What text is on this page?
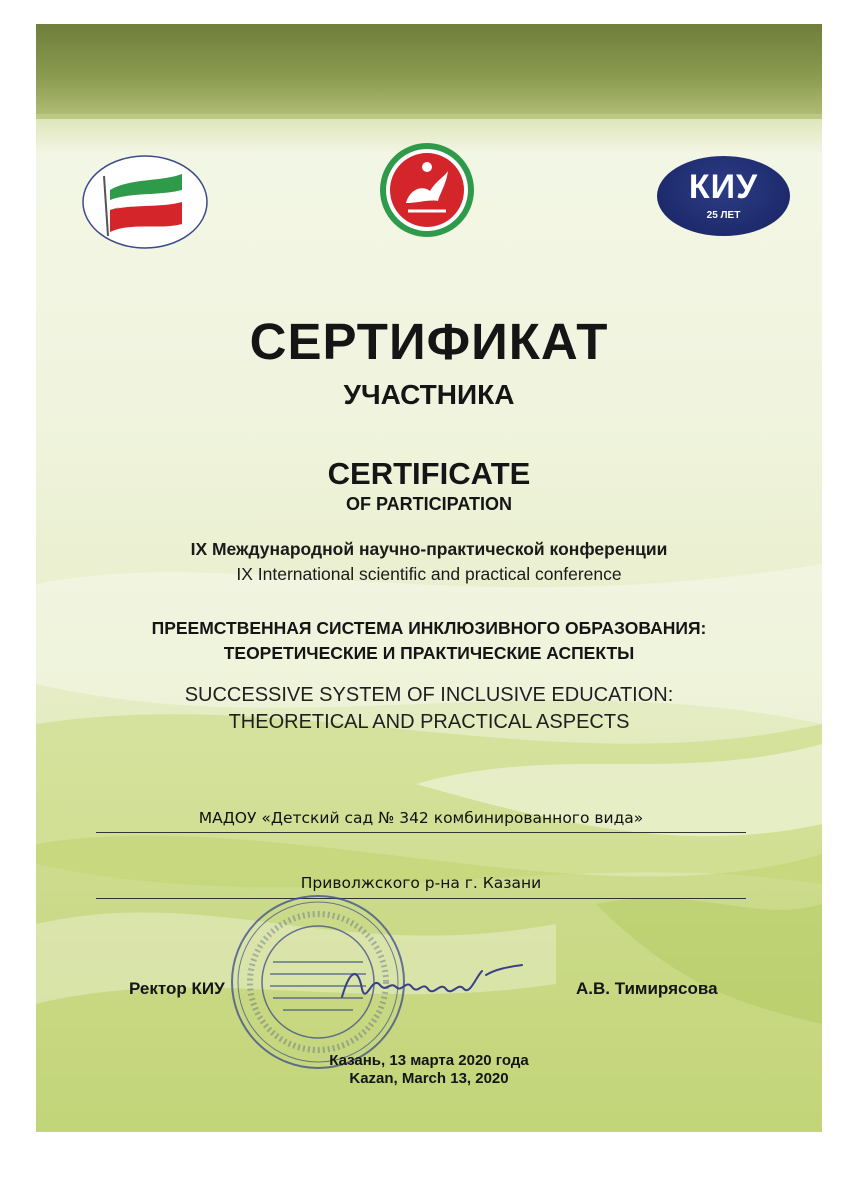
КИУ
25 ЛЕТ
СЕРТИФИКАТ
УЧАСТНИКА
CERTIFICATE
OF PARTICIPATION
IX Международной научно-практической конференции
IX International scientific and practical conference
ПРЕЕМСТВЕННАЯ СИСТЕМА ИНКЛЮЗИВНОГО ОБРАЗОВАНИЯ:
ТЕОРЕТИЧЕСКИЕ И ПРАКТИЧЕСКИЕ АСПЕКТЫ
SUCCESSIVE SYSTEM OF INCLUSIVE EDUCATION:
THEORETICAL AND PRACTICAL ASPECTS
МАДОУ «Детский сад № 342 комбинированного вида»
Приволжского р-на г. Казани
Ректор КИУ	А.В. Тимирясова
Казань, 13 марта 2020 года
Kazan, March 13, 2020
